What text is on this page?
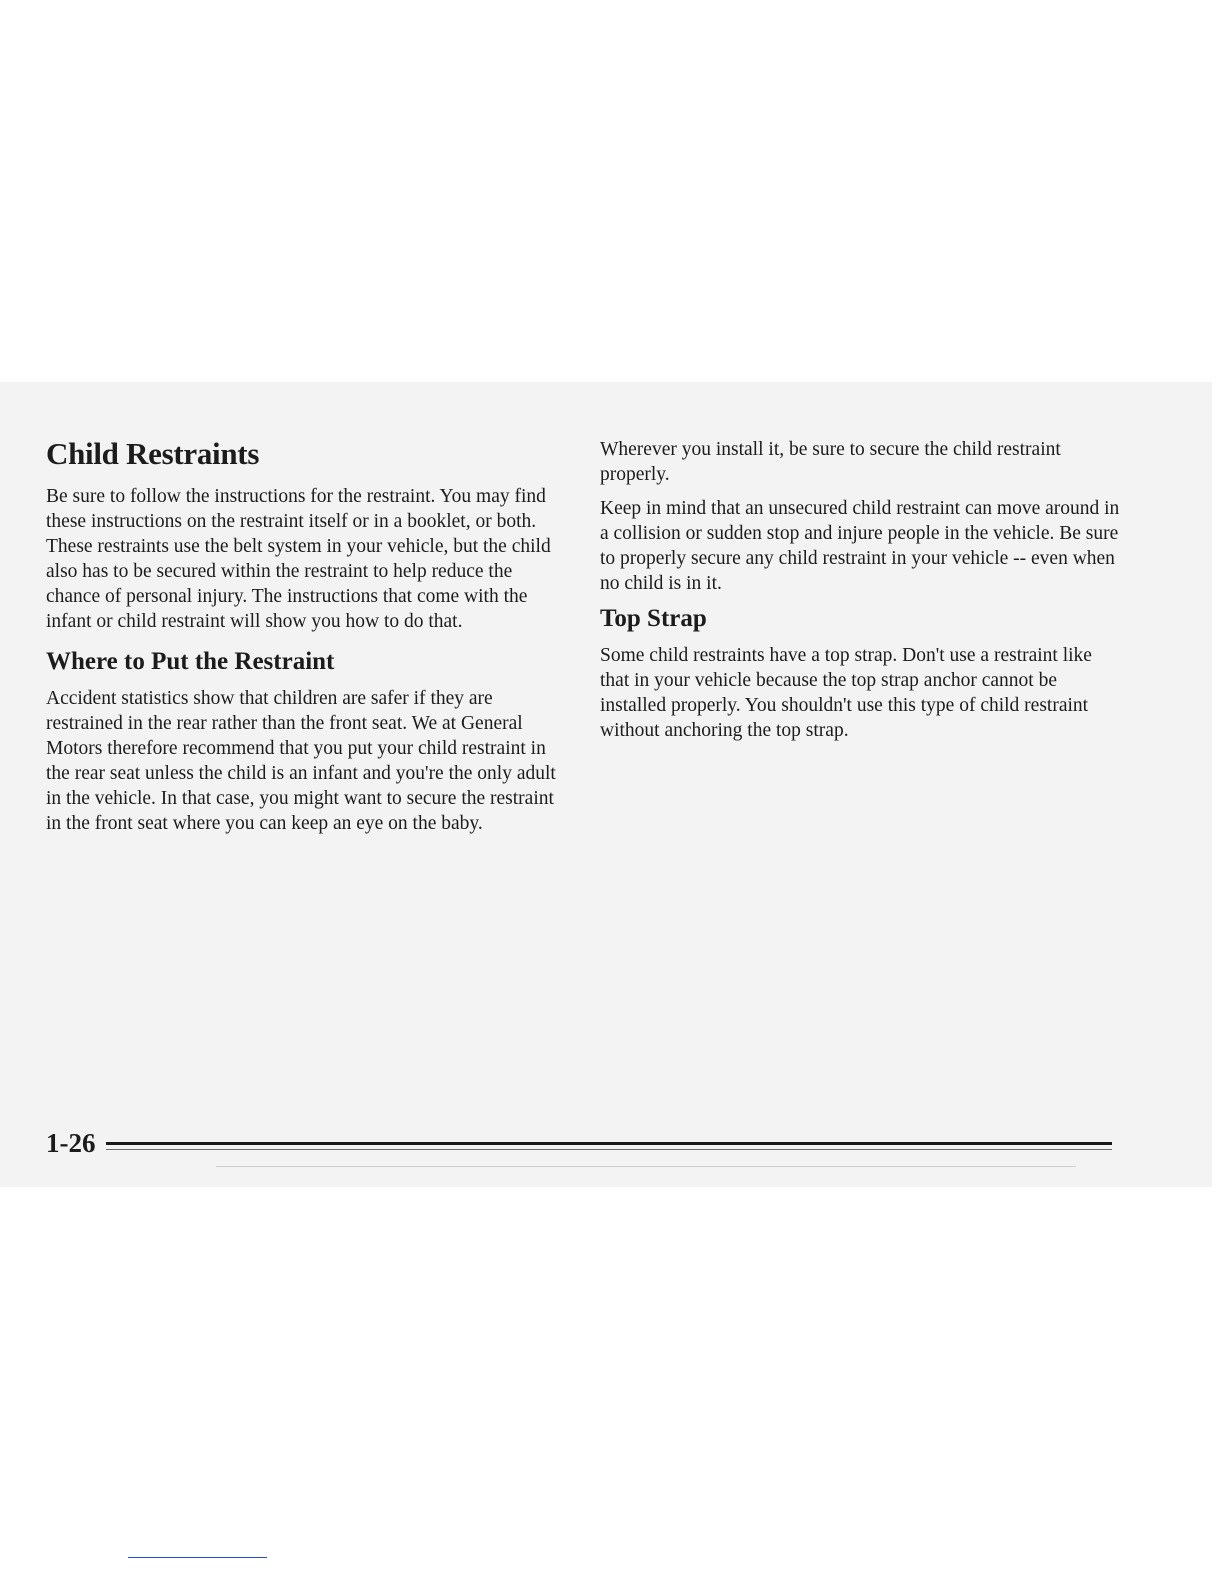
Child Restraints

Be sure to follow the instructions for the restraint. You may find these instructions on the restraint itself or in a booklet, or both. These restraints use the belt system in your vehicle, but the child also has to be secured within the restraint to help reduce the chance of personal injury. The instructions that come with the infant or child restraint will show you how to do that.

Where to Put the Restraint

Accident statistics show that children are safer if they are restrained in the rear rather than the front seat. We at General Motors therefore recommend that you put your child restraint in the rear seat unless the child is an infant and you're the only adult in the vehicle. In that case, you might want to secure the restraint in the front seat where you can keep an eye on the baby.

Wherever you install it, be sure to secure the child restraint properly.

Keep in mind that an unsecured child restraint can move around in a collision or sudden stop and injure people in the vehicle. Be sure to properly secure any child restraint in your vehicle -- even when no child is in it.

Top Strap

Some child restraints have a top strap. Don't use a restraint like that in your vehicle because the top strap anchor cannot be installed properly. You shouldn't use this type of child restraint without anchoring the top strap.

1-26
